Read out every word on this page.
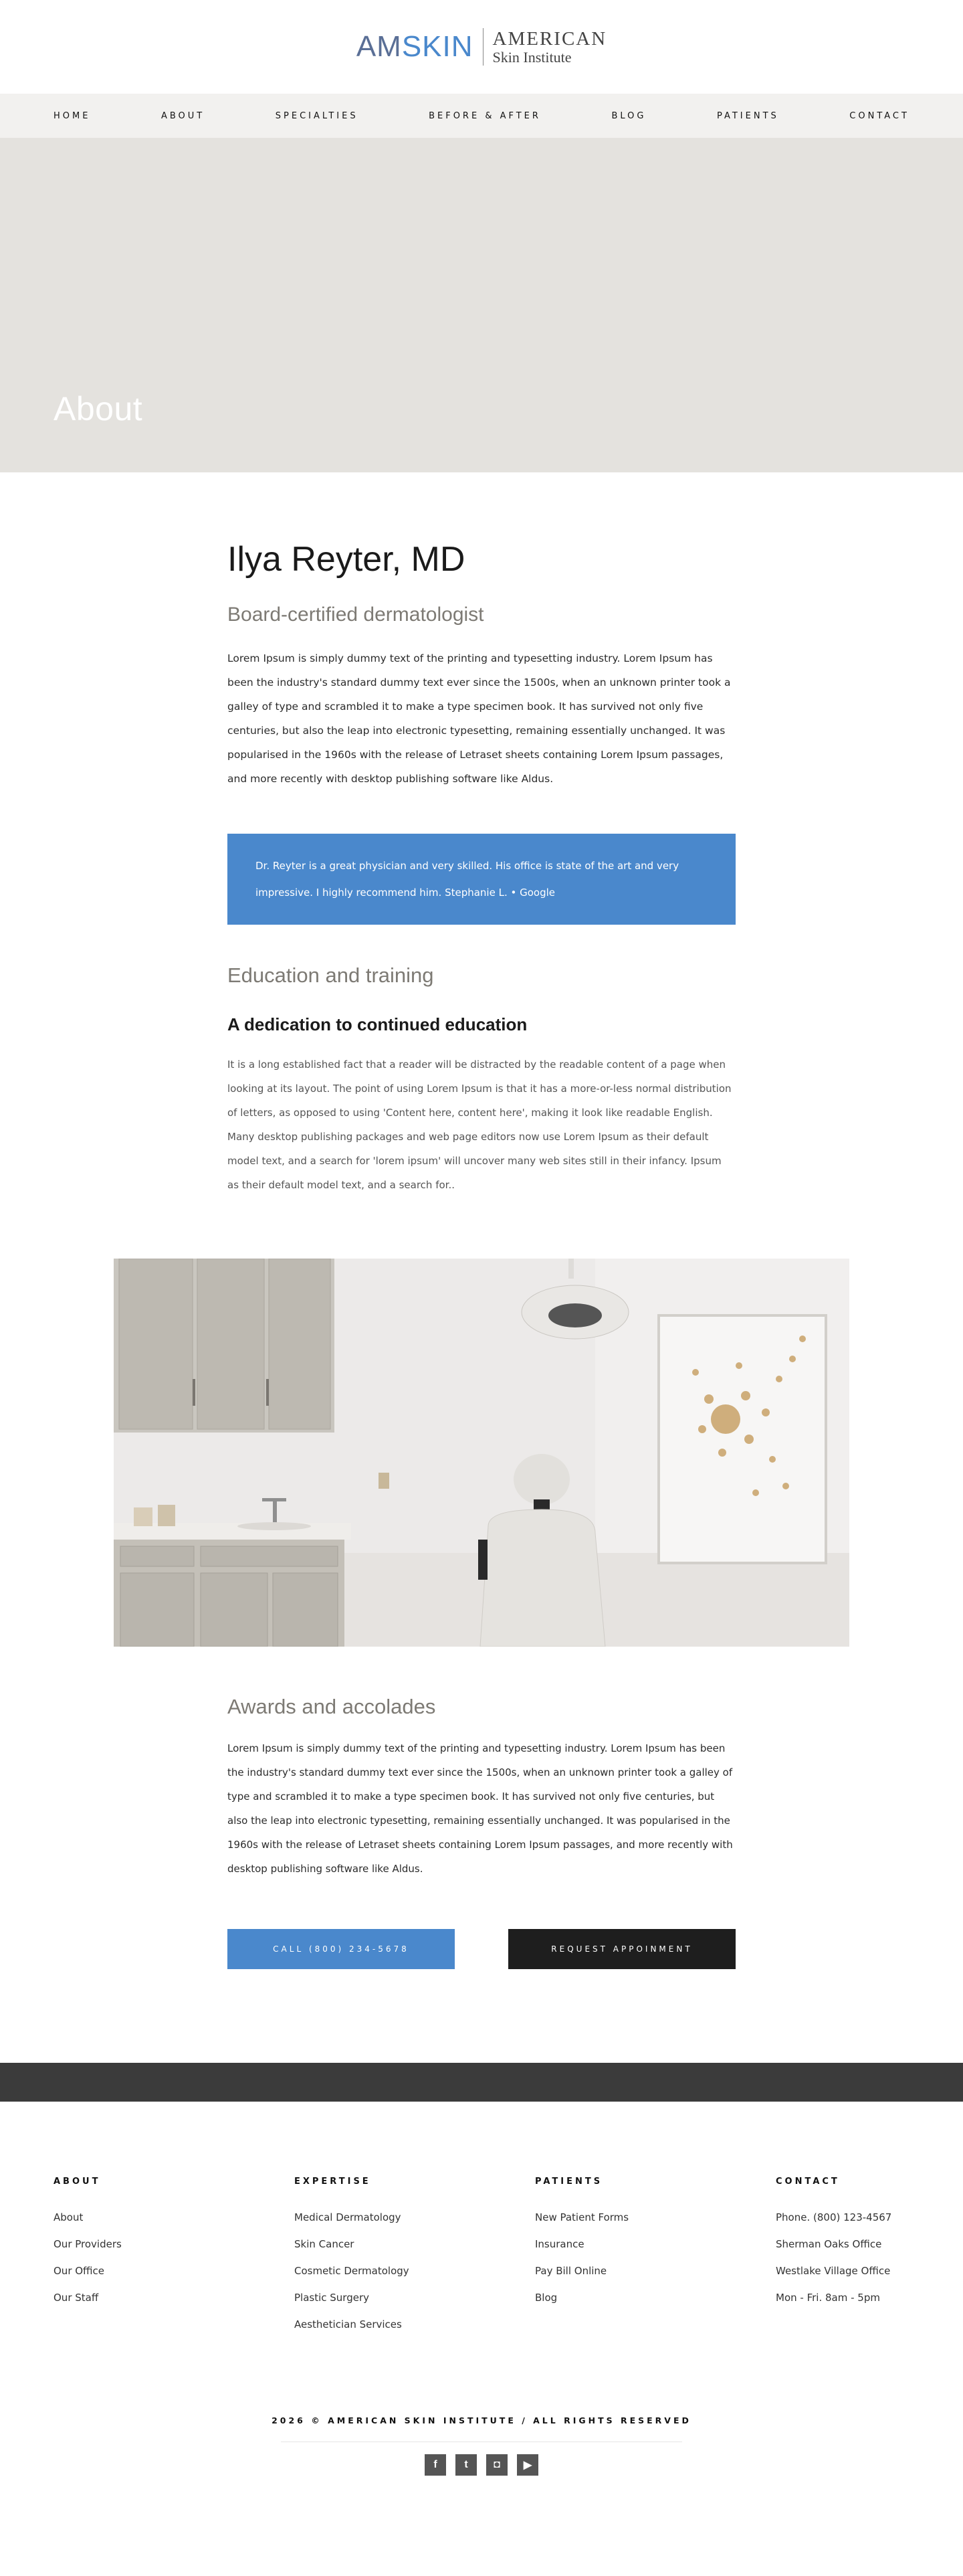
AMSKIN AMERICAN
Skin Institute
HOME	ABOUT	SPECIALTIES	BEFORE & AFTER	BLOG	PATIENTS	CONTACT
About
Ilya Reyter, MD
Board-certified dermatologist

Lorem Ipsum is simply dummy text of the printing and typesetting industry. Lorem Ipsum has been the industry's standard dummy text ever since the 1500s, when an unknown printer took a galley of type and scrambled it to make a type specimen book. It has survived not only five centuries, but also the leap into electronic typesetting, remaining essentially unchanged. It was popularised in the 1960s with the release of Letraset sheets containing Lorem Ipsum passages, and more recently with desktop publishing software like Aldus.

Dr. Reyter is a great physician and very skilled. His office is state of the art and very impressive. I highly recommend him. Stephanie L. • Google
Education and training
A dedication to continued education

It is a long established fact that a reader will be distracted by the readable content of a page when looking at its layout. The point of using Lorem Ipsum is that it has a more-or-less normal distribution of letters, as opposed to using 'Content here, content here', making it look like readable English. Many desktop publishing packages and web page editors now use Lorem Ipsum as their default model text, and a search for 'lorem ipsum' will uncover many web sites still in their infancy. Ipsum as their default model text, and a search for..

Awards and accolades

Lorem Ipsum is simply dummy text of the printing and typesetting industry. Lorem Ipsum has been the industry's standard dummy text ever since the 1500s, when an unknown printer took a galley of type and scrambled it to make a type specimen book. It has survived not only five centuries, but also the leap into electronic typesetting, remaining essentially unchanged. It was popularised in the 1960s with the release of Letraset sheets containing Lorem Ipsum passages, and more recently with desktop publishing software like Aldus.

CALL (800) 234-5678	REQUEST APPOINMENT
ABOUT
About
Our Providers
Our Office
Our Staff
EXPERTISE
Medical Dermatology
Skin Cancer
Cosmetic Dermatology
Plastic Surgery
Aesthetician Services
PATIENTS
New Patient Forms
Insurance
Pay Bill Online
Blog
CONTACT
Phone. (800) 123-4567
Sherman Oaks Office
Westlake Village Office
Mon - Fri. 8am - 5pm
2026 © AMERICAN SKIN INSTITUTE / ALL RIGHTS RESERVED
f	t	◘	▶
